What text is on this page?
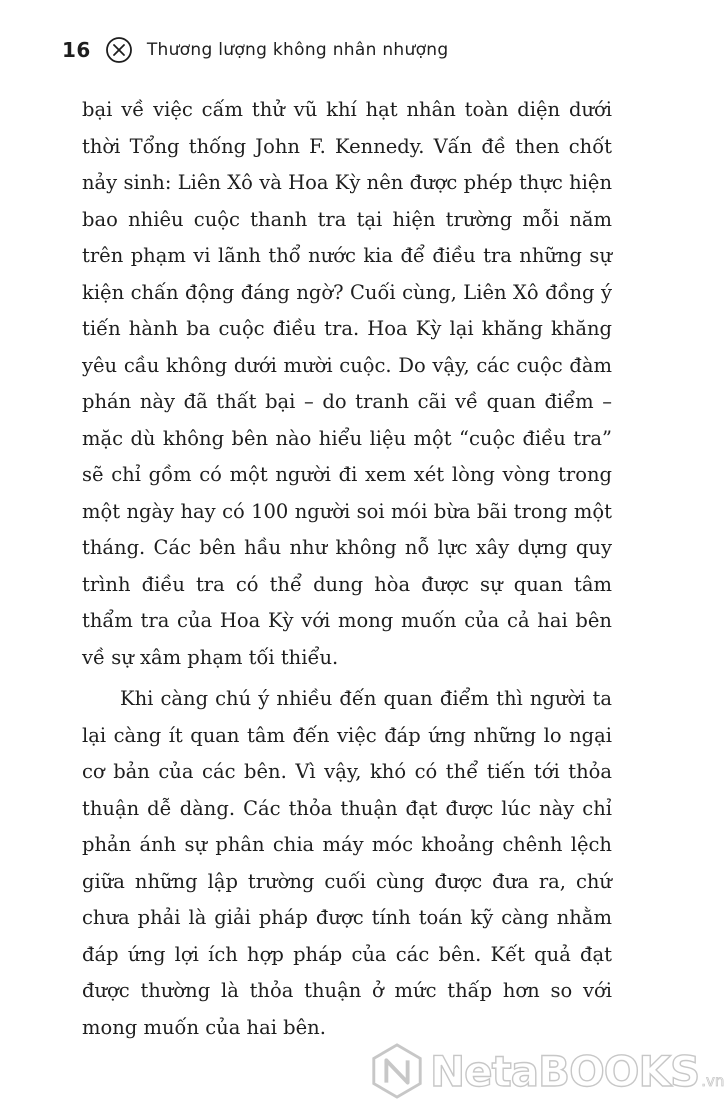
16	Thương lượng không nhân nhượng

bại về việc cấm thử vũ khí hạt nhân toàn diện dưới thời Tổng thống John F. Kennedy. Vấn đề then chốt nảy sinh: Liên Xô và Hoa Kỳ nên được phép thực hiện bao nhiêu cuộc thanh tra tại hiện trường mỗi năm trên phạm vi lãnh thổ nước kia để điều tra những sự kiện chấn động đáng ngờ? Cuối cùng, Liên Xô đồng ý tiến hành ba cuộc điều tra. Hoa Kỳ lại khăng khăng yêu cầu không dưới mười cuộc. Do vậy, các cuộc đàm phán này đã thất bại – do tranh cãi về quan điểm – mặc dù không bên nào hiểu liệu một “cuộc điều tra” sẽ chỉ gồm có một người đi xem xét lòng vòng trong một ngày hay có 100 người soi mói bừa bãi trong một tháng. Các bên hầu như không nỗ lực xây dựng quy trình điều tra có thể dung hòa được sự quan tâm thẩm tra của Hoa Kỳ với mong muốn của cả hai bên về sự xâm phạm tối thiểu.

Khi càng chú ý nhiều đến quan điểm thì người ta lại càng ít quan tâm đến việc đáp ứng những lo ngại cơ bản của các bên. Vì vậy, khó có thể tiến tới thỏa thuận dễ dàng. Các thỏa thuận đạt được lúc này chỉ phản ánh sự phân chia máy móc khoảng chênh lệch giữa những lập trường cuối cùng được đưa ra, chứ chưa phải là giải pháp được tính toán kỹ càng nhằm đáp ứng lợi ích hợp pháp của các bên. Kết quả đạt được thường là thỏa thuận ở mức thấp hơn so với mong muốn của hai bên.

NetaBOOKS .vn
